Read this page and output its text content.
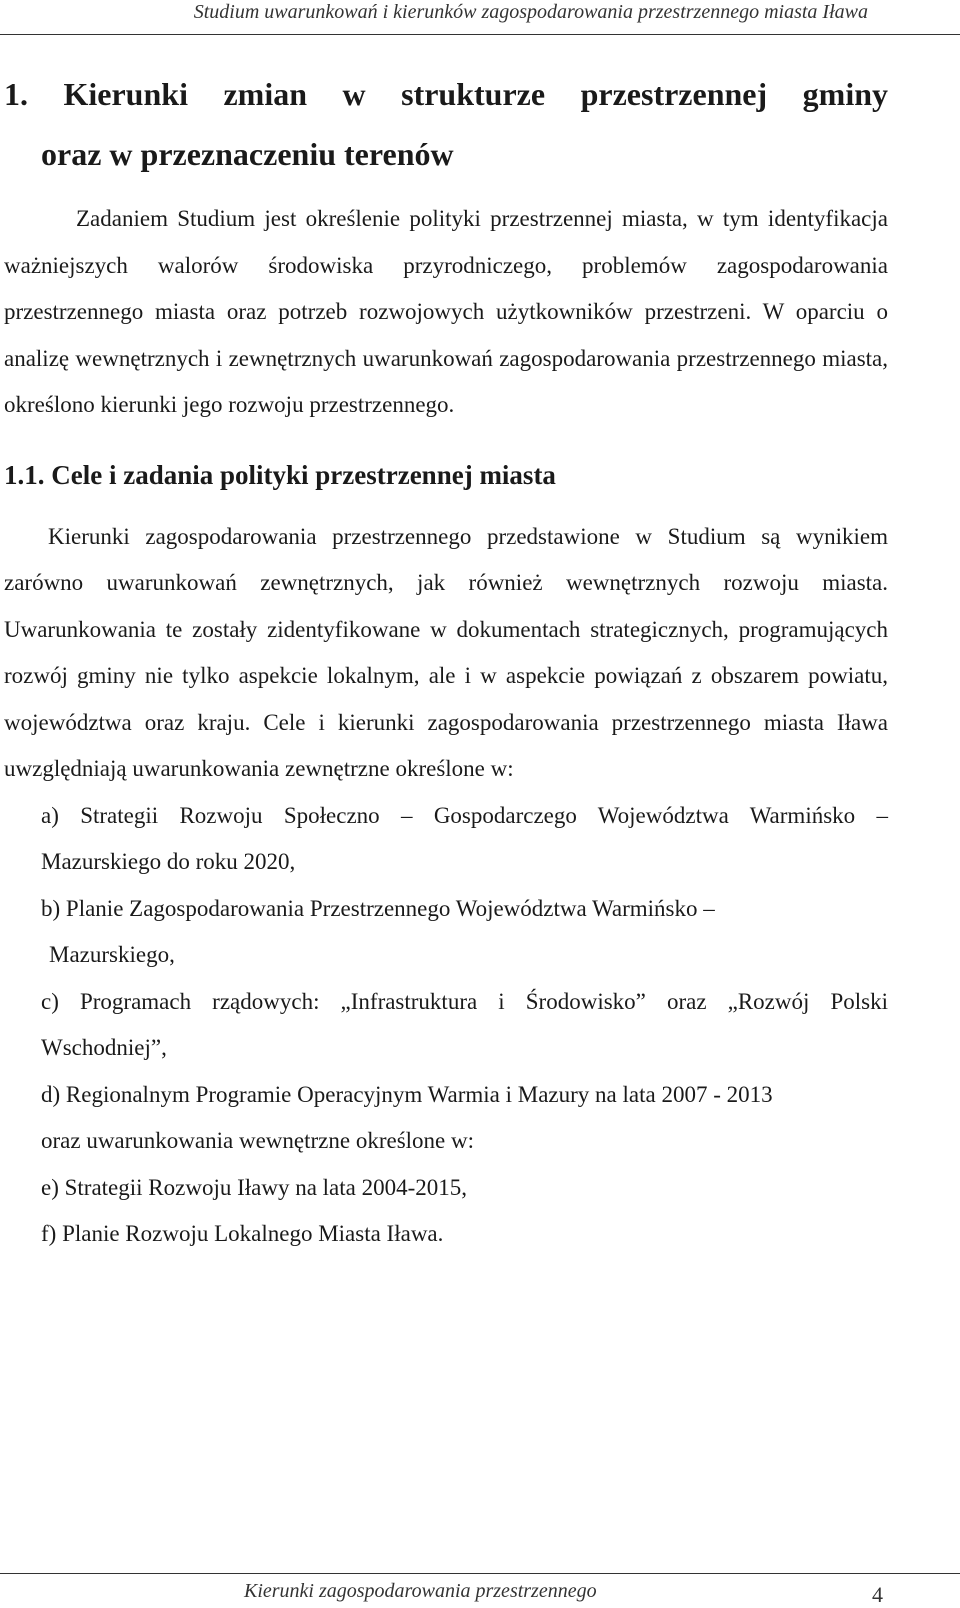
Studium uwarunkowań i kierunków zagospodarowania przestrzennego miasta Iława
1. Kierunki zmian w strukturze przestrzennej gminy
oraz w przeznaczeniu terenów

Zadaniem Studium jest określenie polityki przestrzennej miasta, w tym identyfikacja ważniejszych walorów środowiska przyrodniczego, problemów zagospodarowania przestrzennego miasta oraz potrzeb rozwojowych użytkowników przestrzeni. W oparciu o analizę wewnętrznych i zewnętrznych uwarunkowań zagospodarowania przestrzennego miasta, określono kierunki jego rozwoju przestrzennego.

1.1. Cele i zadania polityki przestrzennej miasta

Kierunki zagospodarowania przestrzennego przedstawione w Studium są wynikiem zarówno uwarunkowań zewnętrznych, jak również wewnętrznych rozwoju miasta. Uwarunkowania te zostały zidentyfikowane w dokumentach strategicznych, programujących rozwój gminy nie tylko aspekcie lokalnym, ale i w aspekcie powiązań z obszarem powiatu, województwa oraz kraju. Cele i kierunki zagospodarowania przestrzennego miasta Iława uwzględniają uwarunkowania zewnętrzne określone w:

a) Strategii Rozwoju Społeczno – Gospodarczego Województwa Warmińsko – Mazurskiego do roku 2020,
b) Planie Zagospodarowania Przestrzennego Województwa Warmińsko –
Mazurskiego,
c) Programach rządowych: „Infrastruktura i Środowisko” oraz „Rozwój Polski Wschodniej”,
d) Regionalnym Programie Operacyjnym Warmia i Mazury na lata 2007 - 2013
oraz uwarunkowania wewnętrzne określone w:
e) Strategii Rozwoju Iławy na lata 2004-2015,
f) Planie Rozwoju Lokalnego Miasta Iława.
Kierunki zagospodarowania przestrzennego	4
